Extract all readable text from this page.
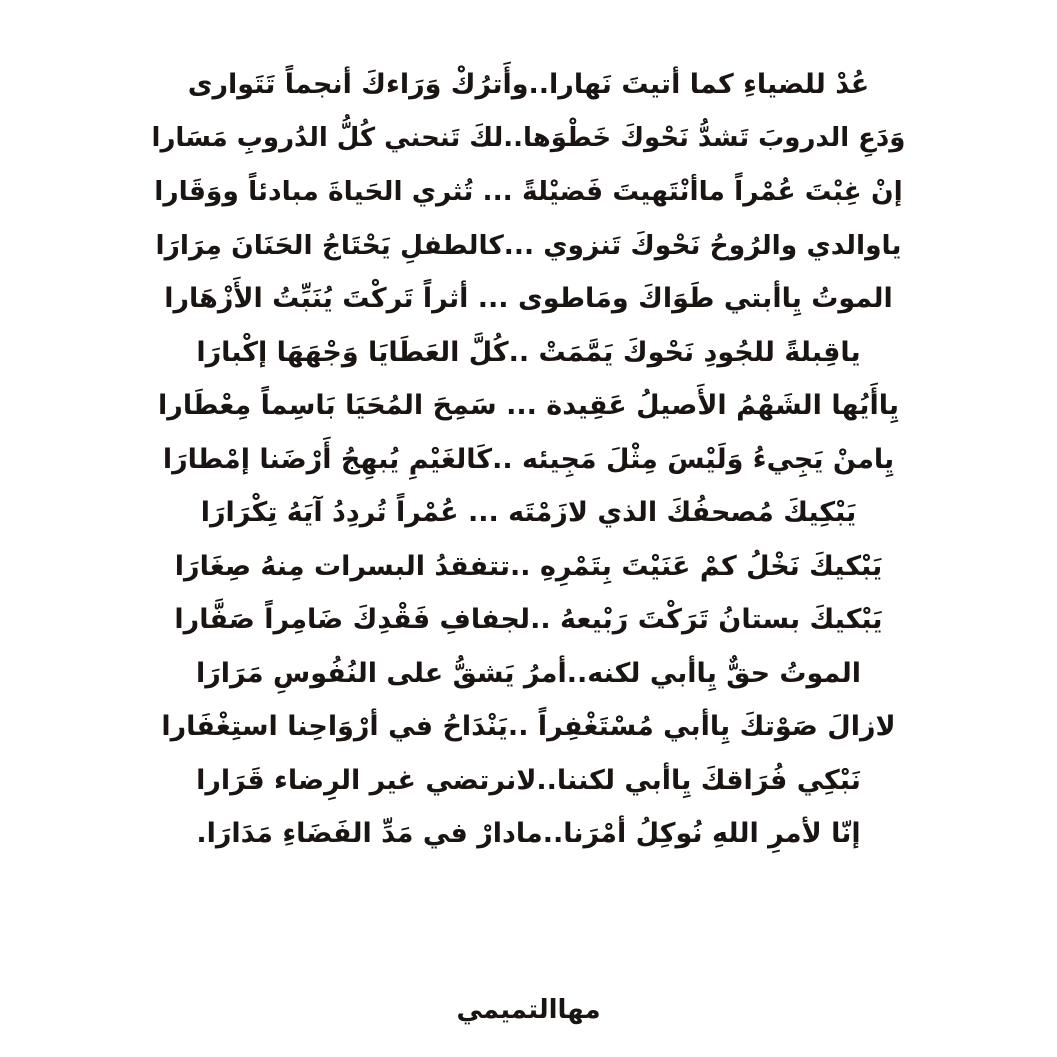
عُدْ للضياءِ كما أتيتَ نَهارا..وأَترُكْ وَرَاءكَ أنجماً تَتَوارى
وَدَعِ الدروبَ تَشدُّ نَحْوكَ خَطْوَها..لكَ تَنحني كُلُّ الدُروبِ مَسَارا
إنْ غِبْتَ عُمْراً ماأنْتَهيتَ فَضيْلةً ... تُثري الحَياةَ مبادئاً ووَقَارا
ياوالدي والرُوحُ نَحْوكَ تَنزوي ...كالطفلِ يَحْتَاجُ الحَنَانَ مِرَارَا
الموتُ يِاأبتي طَوَاكَ ومَاطوى ... أثراً تَركْتَ يُنَبِّتُ الأَزْهَارا
ياقِبلةً للجُودِ نَحْوكَ يَمَّمَتْ ..كُلَّ العَطَايَا وَجْهَهَا إكْبارَا
يِاأَيُها الشَهْمُ الأَصيلُ عَقِيدة ... سَمِحَ المُحَيَا بَاسِماً مِعْطَارا
يِامنْ يَجِيءُ وَلَيْسَ مِثْلَ مَجِيئه ..كَالغَيْمِ يُبهِجُ أَرْضَنا إمْطارَا
يَبْكِيكَ مُصحفُكَ الذي لازَمْتَه ... عُمْراً تُردِدُ آيَهُ تِكْرَارَا
يَبْكيكَ نَخْلُ كمْ عَنَيْتَ بِتَمْرِهِ ..تتفقدُ البسرات مِنهُ صِغَارَا
يَبْكيكَ بستانُ تَرَكْتَ رَبْيعهُ ..لجفافِ فَقْدِكَ ضَامِراً صَفَّارا
الموتُ حقٌّ يِاأبي لكنه..أمرُ يَشقُّ على النُفُوسِ مَرَارَا
لازالَ صَوْتكَ يِاأبي مُسْتَغْفِراً ..يَنْدَاحُ في أرْوَاحِنا استِغْفَارا
نَبْكِي فُرَاقكَ يِاأبي لكننا..لانرتضي غير الرِضاء قَرَارا
إنّا لأمرِ اللهِ نُوكِلُ أمْرَنا..مادارْ في مَدِّ الفَضَاءِ مَدَارَا.
مهاالتميمي
